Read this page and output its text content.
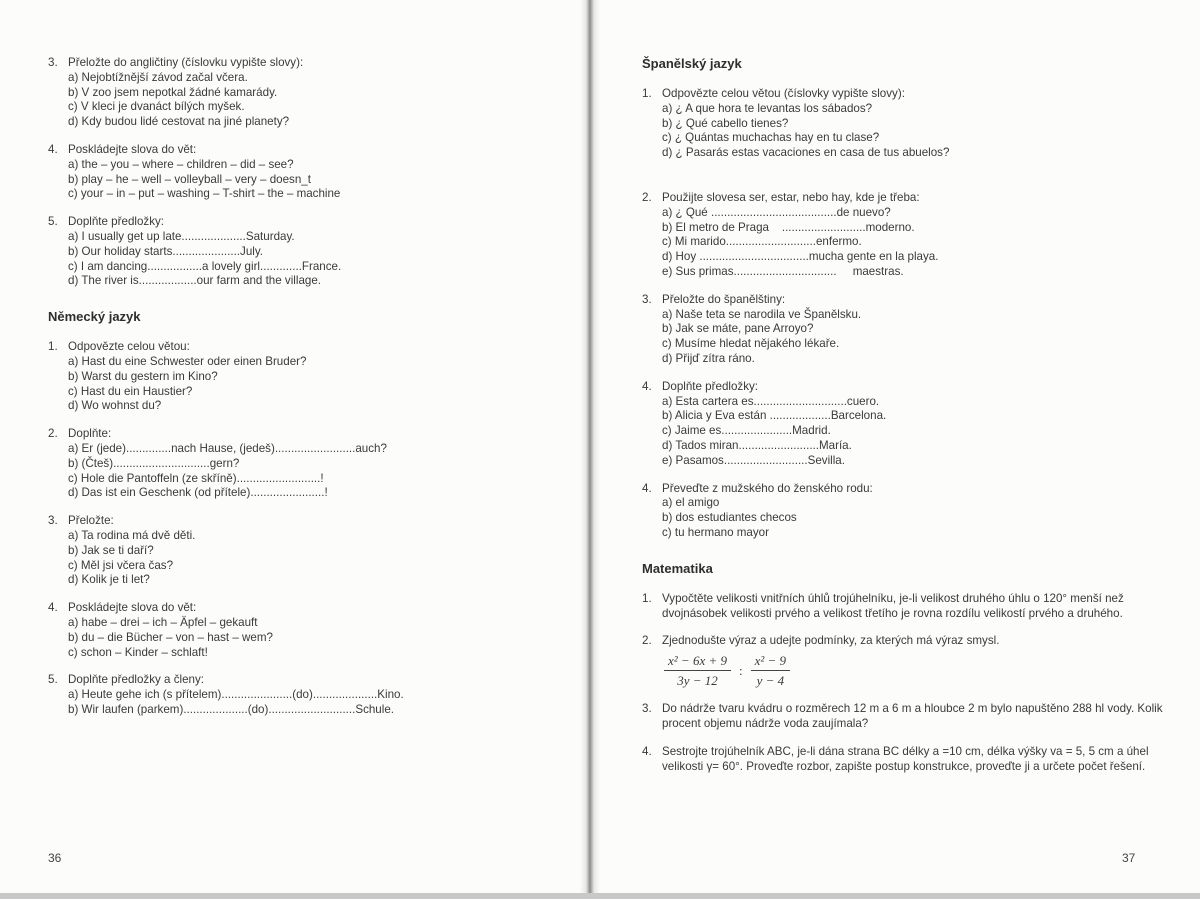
3. Přeložte do angličtiny (číslovku vypište slovy):
a) Nejobtížnější závod začal včera.
b) V zoo jsem nepotkal žádné kamarády.
c) V kleci je dvanáct bílých myšek.
d) Kdy budou lidé cestovat na jiné planety?
4. Poskládejte slova do vět:
a) the – you – where – children – did – see?
b) play – he – well – volleyball – very – doesn_t
c) your – in – put – washing – T-shirt – the – machine
5. Doplňte předložky:
a) I usually get up late....................Saturday.
b) Our holiday starts.....................July.
c) I am dancing.................a lovely girl.............France.
d) The river is..................our farm and the village.
Německý jazyk
1. Odpovězte celou větou:
a) Hast du eine Schwester oder einen Bruder?
b) Warst du gestern im Kino?
c) Hast du ein Haustier?
d) Wo wohnst du?
2. Doplňte:
a) Er (jede)..............nach Hause, (jedeš).........................auch?
b) (Čteš)..............................gern?
c) Hole die Pantoffeln (ze skříně)..........................!
d) Das ist ein Geschenk (od přítele).......................!
3. Přeložte:
a) Ta rodina má dvě děti.
b) Jak se ti daří?
c) Měl jsi včera čas?
d) Kolik je ti let?
4. Poskládejte slova do vět:
a) habe – drei – ich – Äpfel – gekauft
b) du – die Bücher – von – hast – wem?
c) schon – Kinder – schlaft!
5. Doplňte předložky a členy:
a) Heute gehe ich (s přítelem)......................(do)....................Kino.
b) Wir laufen (parkem)....................(do)...........................Schule.
36
Španělský jazyk
1. Odpovězte celou větou (číslovky vypište slovy):
a) ¿ A que hora te levantas los sábados?
b) ¿ Qué cabello tienes?
c) ¿ Quántas muchachas hay en tu clase?
d) ¿ Pasarás estas vacaciones en casa de tus abuelos?
2. Použijte slovesa ser, estar, nebo hay, kde je třeba:
a) ¿ Qué .......................................de nuevo?
b) El metro de Praga    ..........................moderno.
c) Mi marido............................enfermo.
d) Hoy ..................................mucha gente en la playa.
e) Sus primas................................     maestras.
3. Přeložte do španělštiny:
a) Naše teta se narodila ve Španělsku.
b) Jak se máte, pane Arroyo?
c) Musíme hledat nějakého lékaře.
d) Přijď zítra ráno.
4. Doplňte předložky:
a) Esta cartera es.............................cuero.
b) Alicia y Eva están ...................Barcelona.
c) Jaime es......................Madrid.
d) Tados miran.........................María.
e) Pasamos..........................Sevilla.
4. Převeďte z mužského do ženského rodu:
a) el amigo
b) dos estudiantes checos
c) tu hermano mayor
Matematika
1. Vypočtěte velikosti vnitřních úhlů trojúhelníku, je-li velikost druhého úhlu o 120° menší než dvojnásobek velikosti prvého a velikost třetího je rovna rozdílu velikostí prvého a druhého.
2. Zjednodušte výraz a udejte podmínky, za kterých má výraz smysl.
$\frac{\text{x² − 6x + 9}}{3y - 12}$ : $\frac{\text{x² − 9}}{y - 4}$
3. Do nádrže tvaru kvádru o rozměrech 12 m a 6 m a hloubce 2 m bylo napuštěno 288 hl vody. Kolik procent objemu nádrže voda zaujímala?
4. Sestrojte trojúhelník ABC, je-li dána strana BC délky a =10 cm, délka výšky va = 5, 5 cm a úhel velikosti γ= 60°. Proveďte rozbor, zapište postup konstrukce, proveďte ji a určete počet řešení.
37
